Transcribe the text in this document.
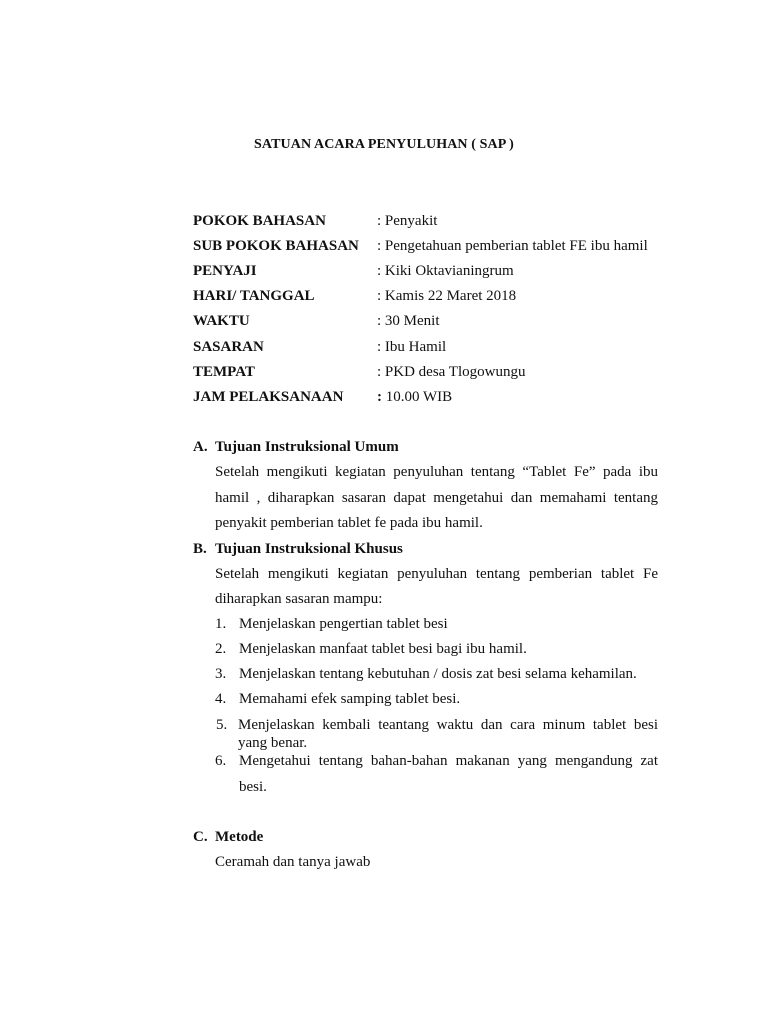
SATUAN ACARA PENYULUHAN ( SAP )
POKOK BAHASAN	: Penyakit
SUB POKOK BAHASAN : Pengetahuan pemberian tablet FE ibu hamil
PENYAJI	: Kiki Oktavianingrum
HARI/ TANGGAL	: Kamis 22 Maret 2018
WAKTU	: 30 Menit
SASARAN	: Ibu Hamil
TEMPAT	: PKD desa Tlogowungu
JAM PELAKSANAAN : 10.00 WIB
A. Tujuan Instruksional Umum
Setelah mengikuti kegiatan penyuluhan tentang “Tablet Fe” pada ibu
hamil , diharapkan sasaran dapat mengetahui dan memahami tentang
penyakit pemberian tablet fe pada ibu hamil.
B. Tujuan Instruksional Khusus
Setelah mengikuti kegiatan penyuluhan tentang pemberian tablet Fe
diharapkan sasaran mampu:
1. Menjelaskan pengertian tablet besi
2. Menjelaskan manfaat tablet besi bagi ibu hamil.
3. Menjelaskan tentang kebutuhan / dosis zat besi selama kehamilan.
4. Memahami efek samping tablet besi.
5. Menjelaskan kembali teantang waktu dan cara minum tablet besi
yang benar.
6. Mengetahui tentang bahan-bahan makanan yang mengandung zat
besi.
C. Metode
Ceramah dan tanya jawab
